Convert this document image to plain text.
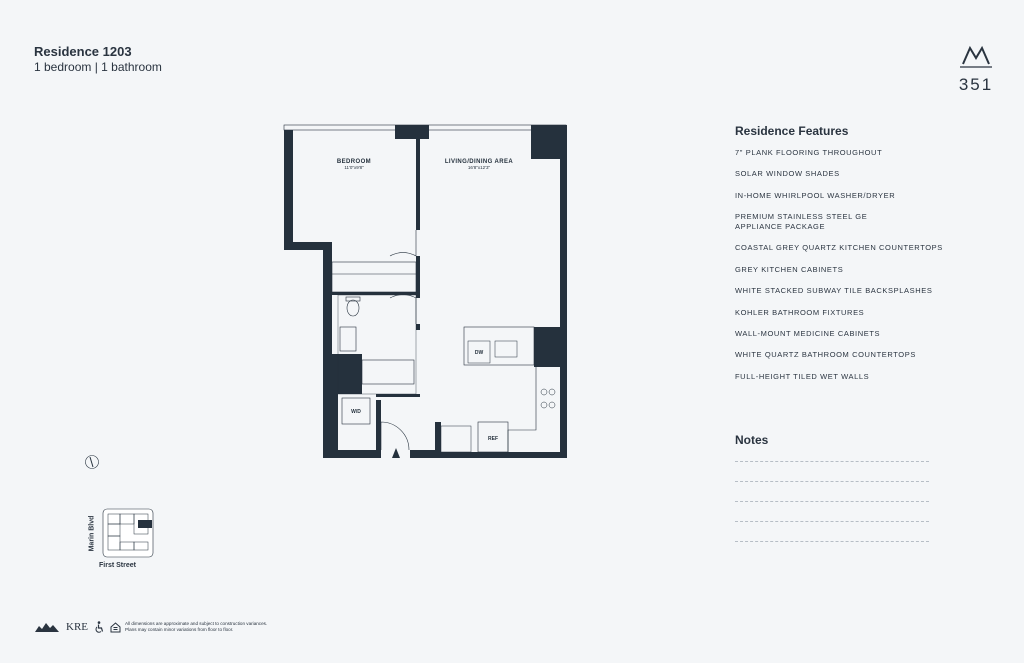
Residence 1203
1 bedroom | 1 bathroom
351
BEDROOM
11'0"x9'8"
LIVING/DINING AREA
16'8"x12'3"
DW
W/D
REF
Marin Blvd
First Street
Residence Features
7" PLANK FLOORING THROUGHOUT
SOLAR WINDOW SHADES
IN-HOME WHIRLPOOL WASHER/DRYER
PREMIUM STAINLESS STEEL GE
APPLIANCE PACKAGE
COASTAL GREY QUARTZ KITCHEN COUNTERTOPS
GREY KITCHEN CABINETS
WHITE STACKED SUBWAY TILE BACKSPLASHES
KOHLER BATHROOM FIXTURES
WALL-MOUNT MEDICINE CABINETS
WHITE QUARTZ BATHROOM COUNTERTOPS
FULL-HEIGHT TILED WET WALLS
Notes
KRE	All dimensions are approximate and subject to construction variances.
Plans may contain minor variations from floor to floor.
